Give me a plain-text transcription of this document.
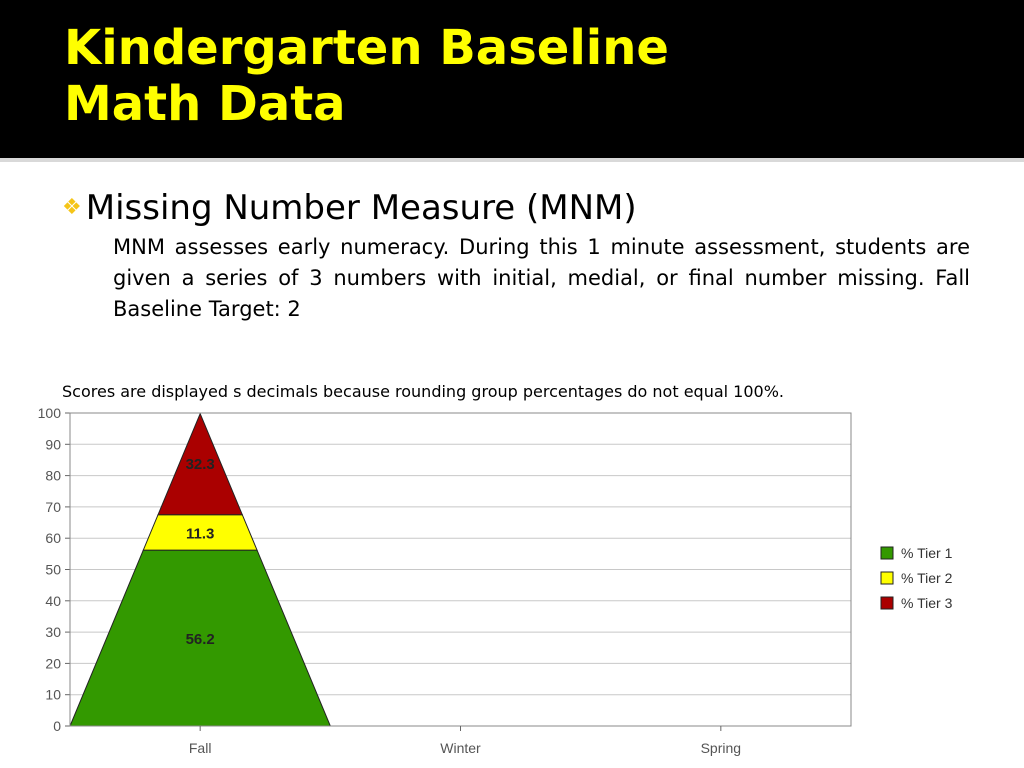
Kindergarten Baseline
Math Data
❖ Missing Number Measure (MNM)
MNM assesses early numeracy. During this 1 minute assessment, students are given a series of 3 numbers with initial, medial, or final number missing. Fall Baseline Target: 2
Scores are displayed s decimals because rounding group percentages do not equal 100%.
0
10
20
30
40
50
60
70
80
90
100
56.2
11.3
32.3
Fall	Winter	Spring
% Tier 1
% Tier 2
% Tier 3
